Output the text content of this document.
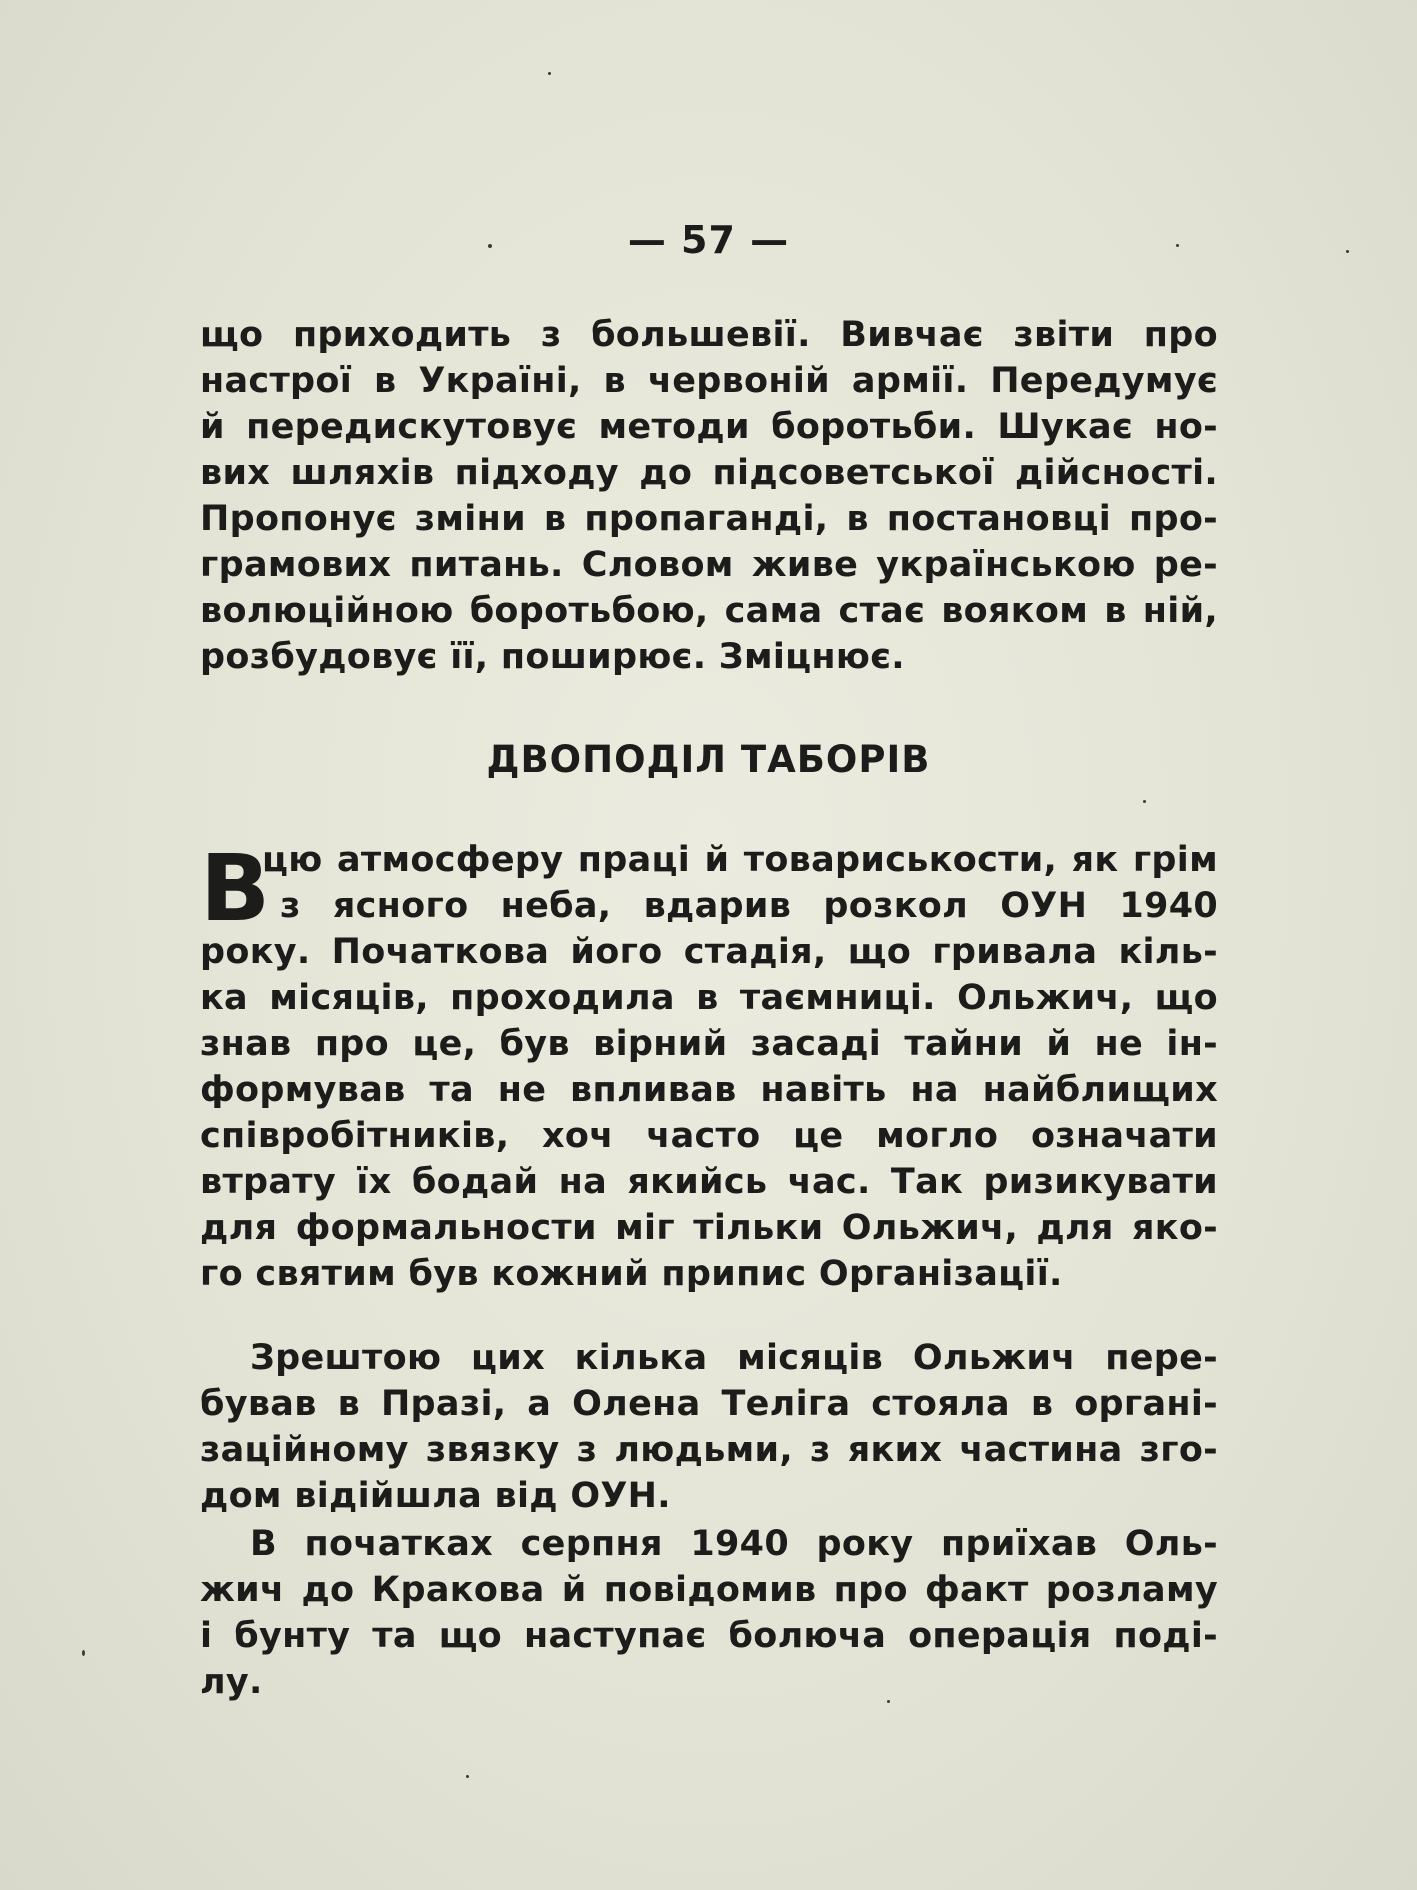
— 57 —
що приходить з большевії. Вивчає звіти про
настрої в Україні, в червоній армії. Передумує
й передискутовує методи боротьби. Шукає но-
вих шляхів підходу до підсоветської дійсності.
Пропонує зміни в пропаганді, в постановці про-
грамових питань. Словом живе українською ре-
волюційною боротьбою, сама стає вояком в ній,
розбудовує її, поширює. Зміцнює.
ДВОПОДІЛ ТАБОРІВ
В
цю атмосферу праці й товариськости, як грім
з ясного неба, вдарив розкол ОУН 1940
року. Початкова його стадія, що гривала кіль-
ка місяців, проходила в таємниці. Ольжич, що
знав про це, був вірний засаді тайни й не ін-
формував та не впливав навіть на найблищих
співробітників, хоч часто це могло означати
втрату їх бодай на якийсь час. Так ризикувати
для формальности міг тільки Ольжич, для яко-
го святим був кожний припис Організації.
Зрештою цих кілька місяців Ольжич пере-
бував в Празі, а Олена Теліга стояла в органі-
заційному звязку з людьми, з яких частина зго-
дом відійшла від ОУН.
В початках серпня 1940 року приїхав Оль-
жич до Кракова й повідомив про факт розламу
і бунту та що наступає болюча операція поді-
лу.
